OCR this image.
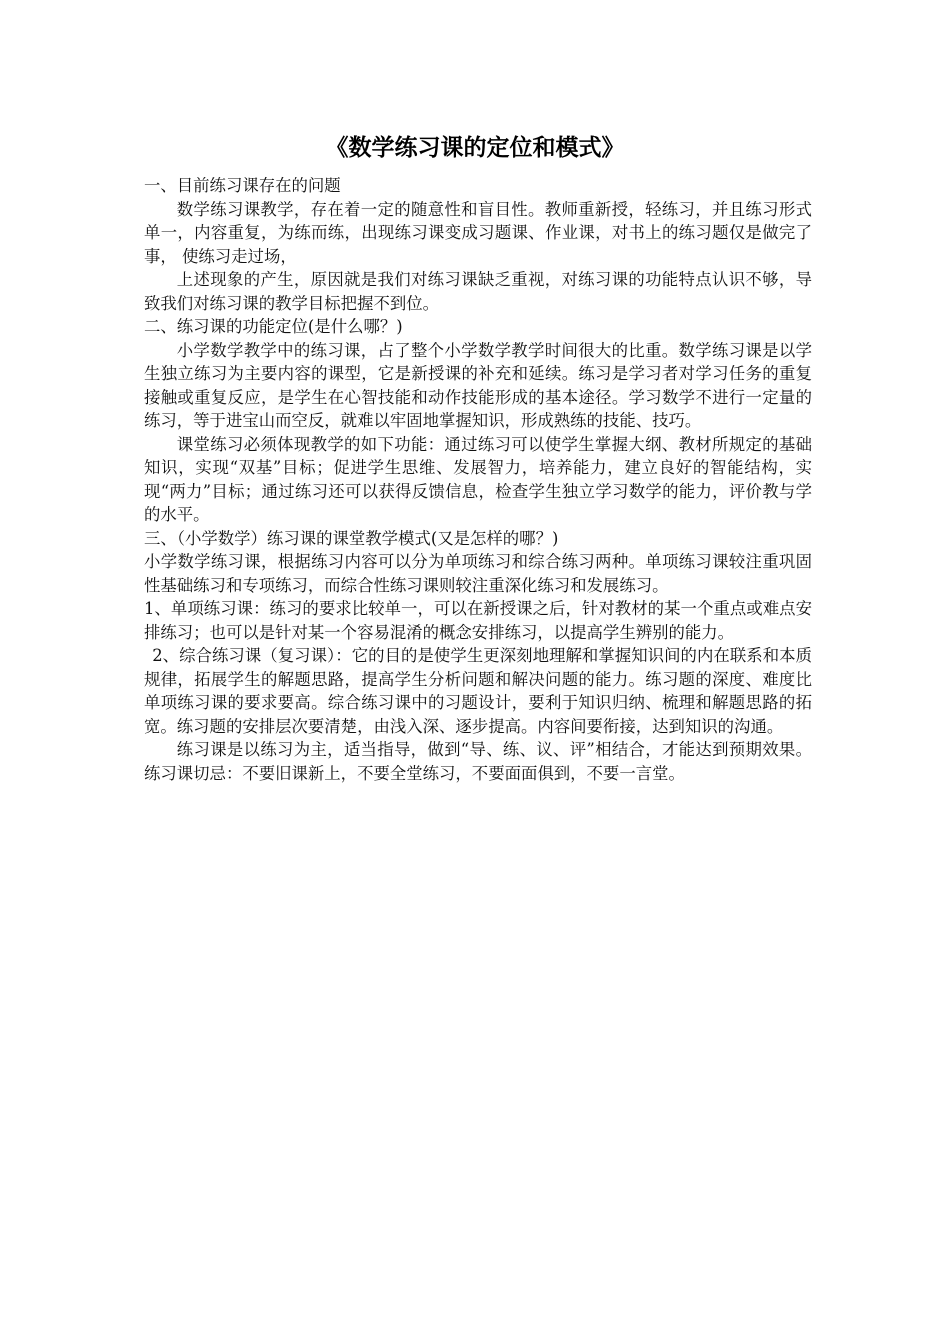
《数学练习课的定位和模式》

一、目前练习课存在的问题

数学练习课教学，存在着一定的随意性和盲目性。教师重新授，轻练习，并且练习形式单一，内容重复，为练而练，出现练习课变成习题课、作业课，对书上的练习题仅是做完了事， 使练习走过场，

上述现象的产生，原因就是我们对练习课缺乏重视，对练习课的功能特点认识不够，导致我们对练习课的教学目标把握不到位。

二、练习课的功能定位(是什么哪？)

小学数学教学中的练习课，占了整个小学数学教学时间很大的比重。数学练习课是以学生独立练习为主要内容的课型，它是新授课的补充和延续。练习是学习者对学习任务的重复接触或重复反应，是学生在心智技能和动作技能形成的基本途径。学习数学不进行一定量的练习，等于进宝山而空反，就难以牢固地掌握知识，形成熟练的技能、技巧。

课堂练习必须体现教学的如下功能：通过练习可以使学生掌握大纲、教材所规定的基础知识，实现“双基”目标；促进学生思维、发展智力，培养能力，建立良好的智能结构，实现“两力”目标；通过练习还可以获得反馈信息，检查学生独立学习数学的能力，评价教与学的水平。

三、（小学数学）练习课的课堂教学模式(又是怎样的哪？)

小学数学练习课，根据练习内容可以分为单项练习和综合练习两种。单项练习课较注重巩固性基础练习和专项练习，而综合性练习课则较注重深化练习和发展练习。

1、单项练习课：练习的要求比较单一，可以在新授课之后，针对教材的某一个重点或难点安排练习；也可以是针对某一个容易混淆的概念安排练习，以提高学生辨别的能力。

2、综合练习课（复习课）：它的目的是使学生更深刻地理解和掌握知识间的内在联系和本质规律，拓展学生的解题思路，提高学生分析问题和解决问题的能力。练习题的深度、难度比单项练习课的要求要高。综合练习课中的习题设计，要利于知识归纳、梳理和解题思路的拓宽。练习题的安排层次要清楚，由浅入深、逐步提高。内容间要衔接，达到知识的沟通。

练习课是以练习为主，适当指导，做到“导、练、议、评”相结合，才能达到预期效果。练习课切忌：不要旧课新上，不要全堂练习，不要面面俱到，不要一言堂。
